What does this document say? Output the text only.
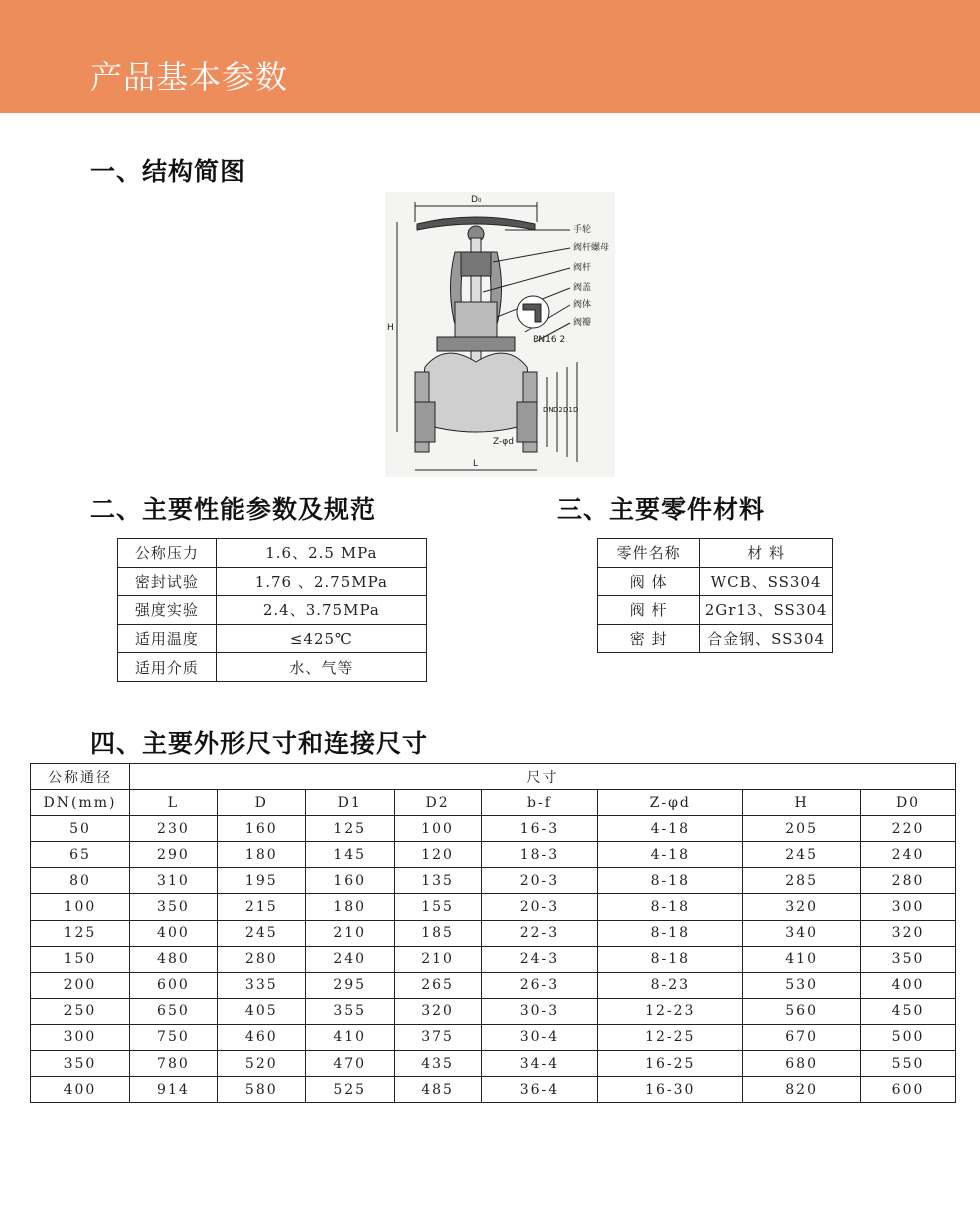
产品基本参数
一、结构简图
D₀
H
L
Z-φd
手轮
阀杆螺母
阀杆
阀盖
阀体
阀瓣
PN16 2
DN D2 D1 D
二、主要性能参数及规范	三、主要零件材料
公称压力	1.6、2.5 MPa
密封试验	1.76 、2.75MPa
强度实验	2.4、3.75MPa
适用温度	≤425℃
适用介质	水、气等
零件名称	材 料
阀 体	WCB、SS304
阀 杆	2Gr13、SS304
密 封	合金钢、SS304
四、主要外形尺寸和连接尺寸
公称通径	尺寸							
DN(mm)	L	D	D1	D2	b-f	Z-φd	H	D0
50	230	160	125	100	16-3	4-18	205	220
65	290	180	145	120	18-3	4-18	245	240
80	310	195	160	135	20-3	8-18	285	280
100	350	215	180	155	20-3	8-18	320	300
125	400	245	210	185	22-3	8-18	340	320
150	480	280	240	210	24-3	8-18	410	350
200	600	335	295	265	26-3	8-23	530	400
250	650	405	355	320	30-3	12-23	560	450
300	750	460	410	375	30-4	12-25	670	500
350	780	520	470	435	34-4	16-25	680	550
400	914	580	525	485	36-4	16-30	820	600
